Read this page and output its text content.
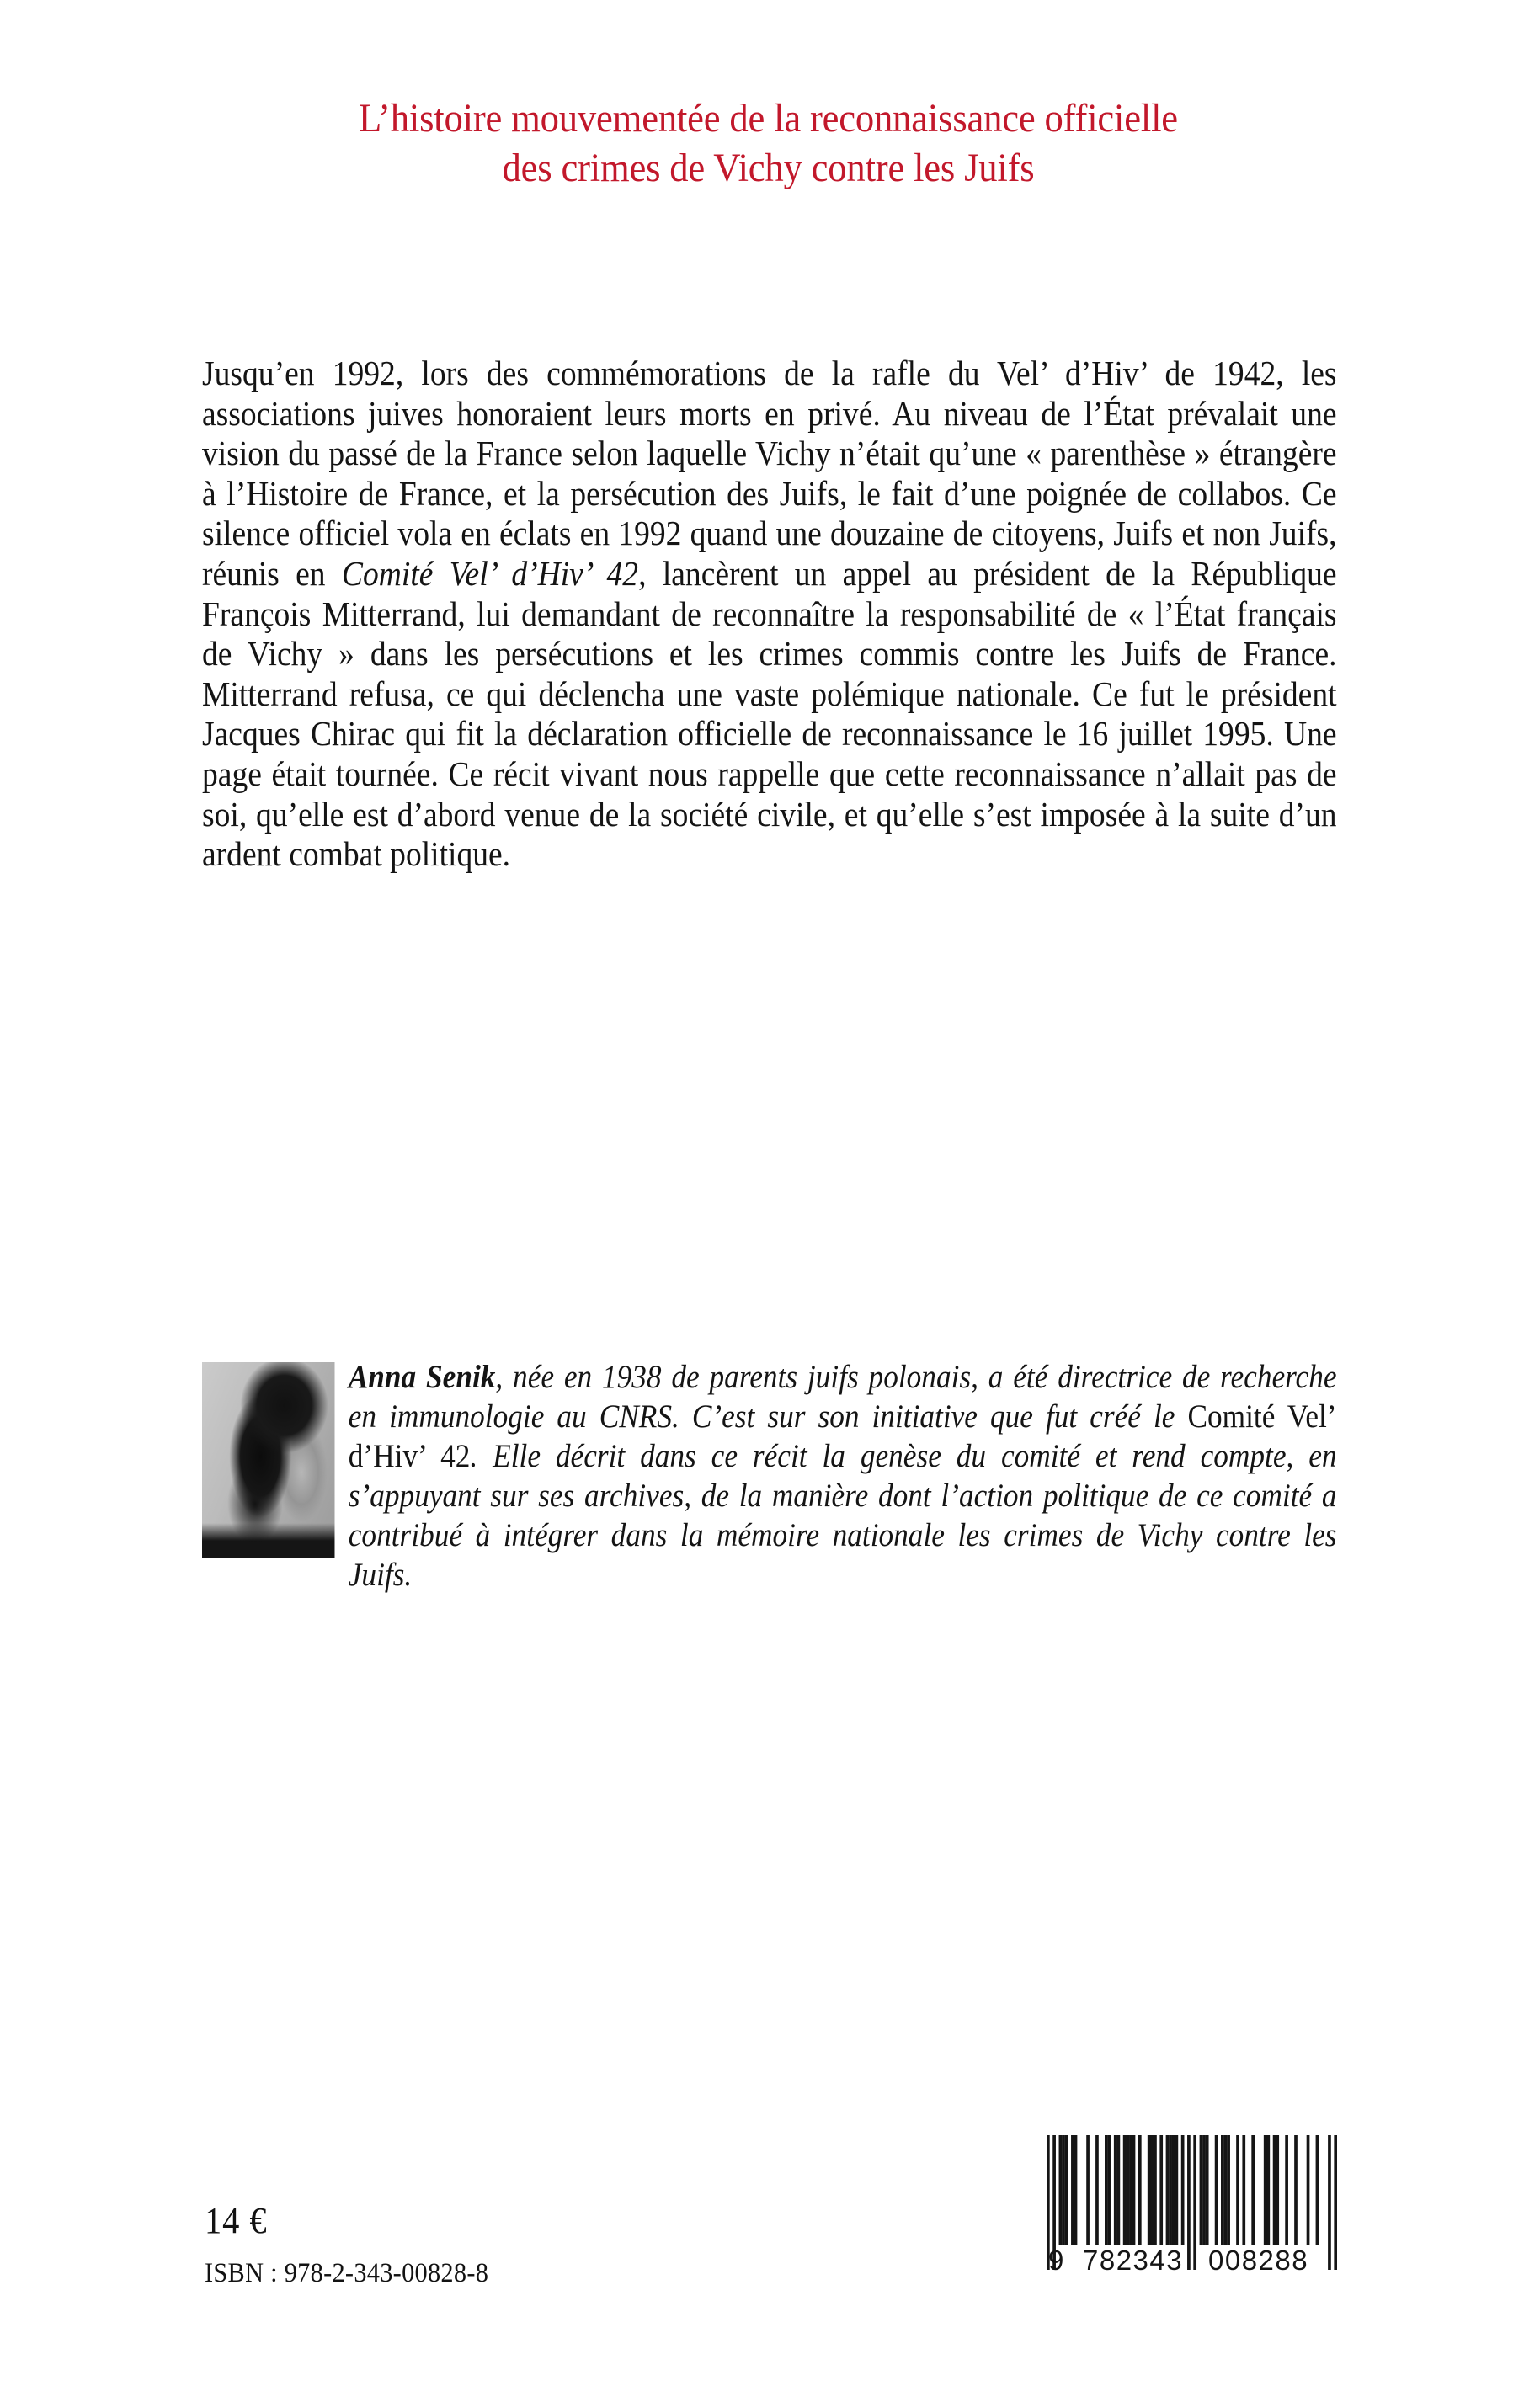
L’histoire mouvementée de la reconnaissance officielle
des crimes de Vichy contre les Juifs

Jusqu’en 1992, lors des commémorations de la rafle du Vel’ d’Hiv’ de 1942, les associations juives honoraient leurs morts en privé. Au niveau de l’État prévalait une vision du passé de la France selon laquelle Vichy n’était qu’une « parenthèse » étrangère à l’Histoire de France, et la persécution des Juifs, le fait d’une poignée de collabos. Ce silence officiel vola en éclats en 1992 quand une douzaine de citoyens, Juifs et non Juifs, réunis en Comité Vel’ d’Hiv’ 42, lancèrent un appel au président de la République François Mitterrand, lui demandant de reconnaître la responsabilité de « l’État français de Vichy » dans les persécutions et les crimes commis contre les Juifs de France. Mitterrand refusa, ce qui déclencha une vaste polémique nationale. Ce fut le président Jacques Chirac qui fit la déclaration officielle de reconnaissance le 16 juillet 1995. Une page était tournée. Ce récit vivant nous rappelle que cette reconnaissance n’allait pas de soi, qu’elle est d’abord venue de la société civile, et qu’elle s’est imposée à la suite d’un ardent combat politique.

Anna Senik, née en 1938 de parents juifs polonais, a été directrice de recherche en immunologie au CNRS. C’est sur son initiative que fut créé le Comité Vel’ d’Hiv’ 42. Elle décrit dans ce récit la genèse du comité et rend compte, en s’appuyant sur ses archives, de la manière dont l’action politique de ce comité a contribué à intégrer dans la mémoire nationale les crimes de Vichy contre les Juifs.

14 €
ISBN : 978-2-343-00828-8

	9

782343

008288
